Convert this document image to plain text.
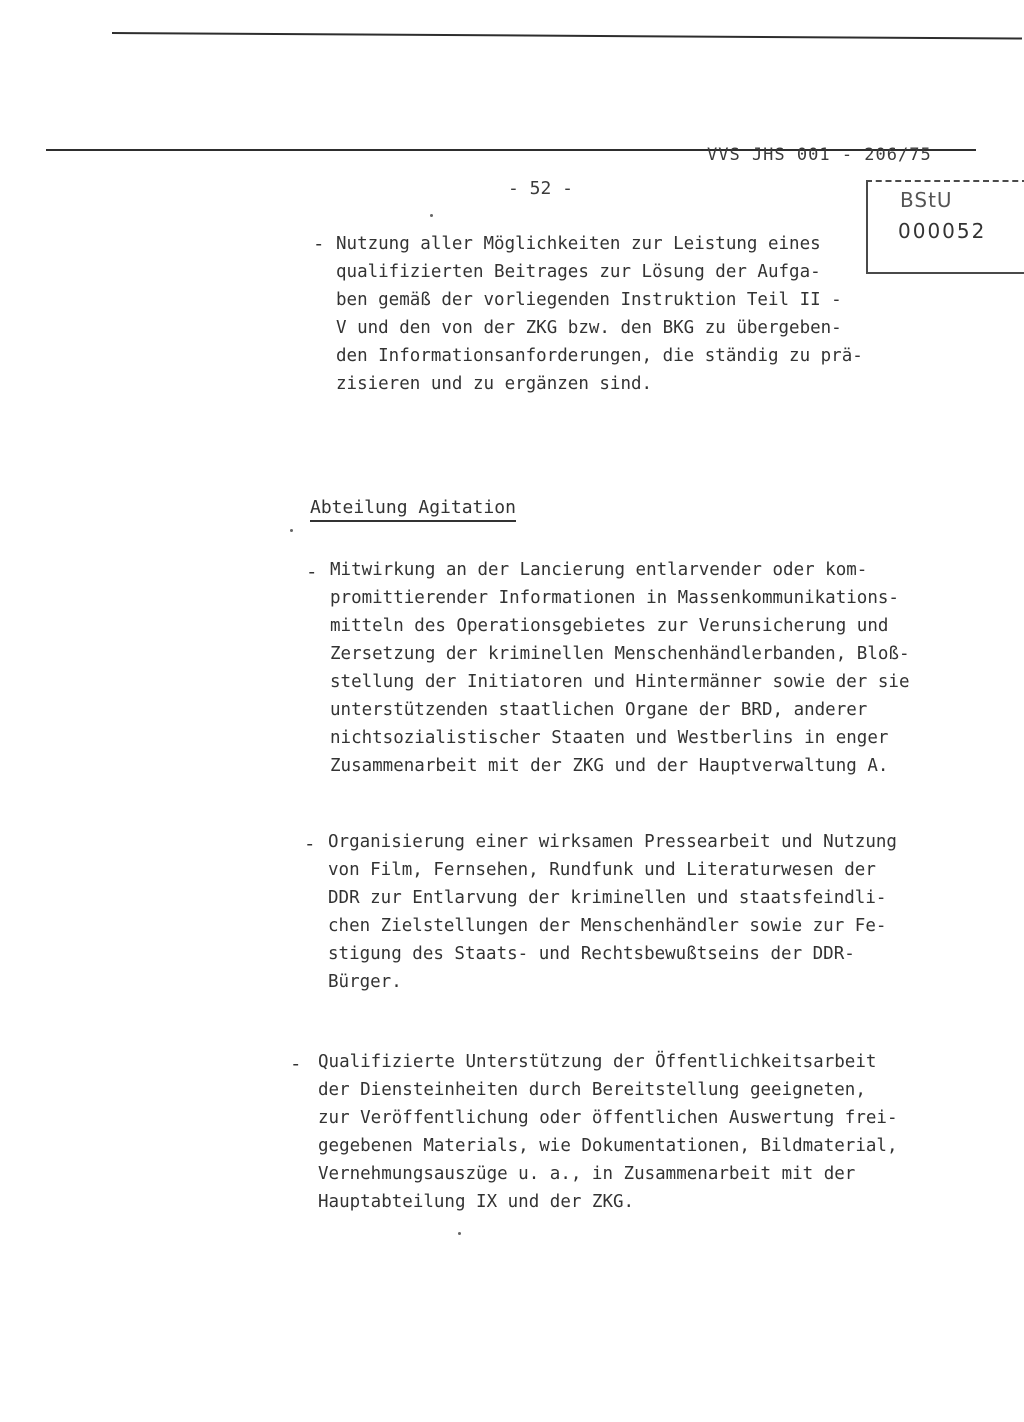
VVS JHS 001 - 206/75
- 52 -	BStU
000052
- Nutzung aller Möglichkeiten zur Leistung eines
qualifizierten Beitrages zur Lösung der Aufga-
ben gemäß der vorliegenden Instruktion Teil II -
V und den von der ZKG bzw. den BKG zu übergeben-
den Informationsanforderungen, die ständig zu prä-
zisieren und zu ergänzen sind.
Abteilung Agitation
- Mitwirkung an der Lancierung entlarvender oder kom-
promittierender Informationen in Massenkommunikations-
mitteln des Operationsgebietes zur Verunsicherung und
Zersetzung der kriminellen Menschenhändlerbanden, Bloß-
stellung der Initiatoren und Hintermänner sowie der sie
unterstützenden staatlichen Organe der BRD, anderer
nichtsozialistischer Staaten und Westberlins in enger
Zusammenarbeit mit der ZKG und der Hauptverwaltung A.
- Organisierung einer wirksamen Pressearbeit und Nutzung
von Film, Fernsehen, Rundfunk und Literaturwesen der
DDR zur Entlarvung der kriminellen und staatsfeindli-
chen Zielstellungen der Menschenhändler sowie zur Fe-
stigung des Staats- und Rechtsbewußtseins der DDR-
Bürger.
- Qualifizierte Unterstützung der Öffentlichkeitsarbeit
der Diensteinheiten durch Bereitstellung geeigneten,
zur Veröffentlichung oder öffentlichen Auswertung frei-
gegebenen Materials, wie Dokumentationen, Bildmaterial,
Vernehmungsauszüge u. a., in Zusammenarbeit mit der
Hauptabteilung IX und der ZKG.
